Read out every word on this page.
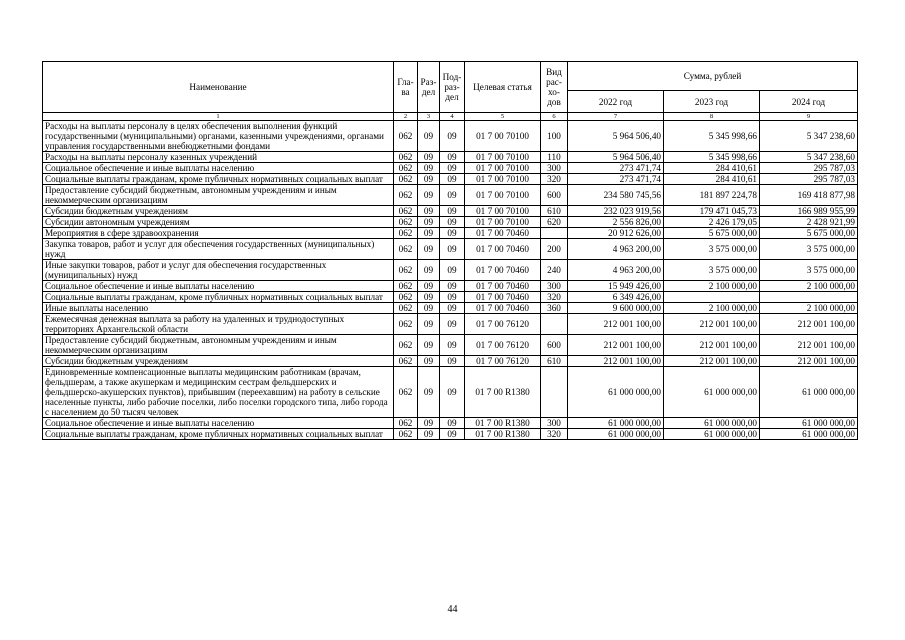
Наименование	Гла-ва	Раз-дел	Под-раз-дел	Целевая статья	Вид рас-хо-дов	Сумма, рублей		
						2022 год	2023 год	2024 год
1	2	3	4	5	6	7	8	9
Расходы на выплаты персоналу в целях обеспечения выполнения функций государственными (муниципальными) органами, казенными учреждениями, органами управления государственными внебюджетными фондами	062	09	09	01 7 00 70100	100	5 964 506,40	5 345 998,66	5 347 238,60
Расходы на выплаты персоналу казенных учреждений	062	09	09	01 7 00 70100	110	5 964 506,40	5 345 998,66	5 347 238,60
Социальное обеспечение и иные выплаты населению	062	09	09	01 7 00 70100	300	273 471,74	284 410,61	295 787,03
Социальные выплаты гражданам, кроме публичных нормативных социальных выплат	062	09	09	01 7 00 70100	320	273 471,74	284 410,61	295 787,03
Предоставление субсидий бюджетным, автономным учреждениям и иным некоммерческим организациям	062	09	09	01 7 00 70100	600	234 580 745,56	181 897 224,78	169 418 877,98
Субсидии бюджетным учреждениям	062	09	09	01 7 00 70100	610	232 023 919,56	179 471 045,73	166 989 955,99
Субсидии автономным учреждениям	062	09	09	01 7 00 70100	620	2 556 826,00	2 426 179,05	2 428 921,99
Мероприятия в сфере здравоохранения	062	09	09	01 7 00 70460		20 912 626,00	5 675 000,00	5 675 000,00
Закупка товаров, работ и услуг для обеспечения государственных (муниципальных) нужд	062	09	09	01 7 00 70460	200	4 963 200,00	3 575 000,00	3 575 000,00
Иные закупки товаров, работ и услуг для обеспечения государственных (муниципальных) нужд	062	09	09	01 7 00 70460	240	4 963 200,00	3 575 000,00	3 575 000,00
Социальное обеспечение и иные выплаты населению	062	09	09	01 7 00 70460	300	15 949 426,00	2 100 000,00	2 100 000,00
Социальные выплаты гражданам, кроме публичных нормативных социальных выплат	062	09	09	01 7 00 70460	320	6 349 426,00		
Иные выплаты населению	062	09	09	01 7 00 70460	360	9 600 000,00	2 100 000,00	2 100 000,00
Ежемесячная денежная выплата за работу на удаленных и труднодоступных территориях Архангельской области	062	09	09	01 7 00 76120		212 001 100,00	212 001 100,00	212 001 100,00
Предоставление субсидий бюджетным, автономным учреждениям и иным некоммерческим организациям	062	09	09	01 7 00 76120	600	212 001 100,00	212 001 100,00	212 001 100,00
Субсидии бюджетным учреждениям	062	09	09	01 7 00 76120	610	212 001 100,00	212 001 100,00	212 001 100,00
Единовременные компенсационные выплаты медицинским работникам (врачам, фельдшерам, а также акушеркам и медицинским сестрам фельдшерских и фельдшерско-акушерских пунктов), прибывшим (переехавшим) на работу в сельские населенные пункты, либо рабочие поселки, либо поселки городского типа, либо города с населением до 50 тысяч человек	062	09	09	01 7 00 R1380		61 000 000,00	61 000 000,00	61 000 000,00
Социальное обеспечение и иные выплаты населению	062	09	09	01 7 00 R1380	300	61 000 000,00	61 000 000,00	61 000 000,00
Социальные выплаты гражданам, кроме публичных нормативных социальных выплат	062	09	09	01 7 00 R1380	320	61 000 000,00	61 000 000,00	61 000 000,00
44
